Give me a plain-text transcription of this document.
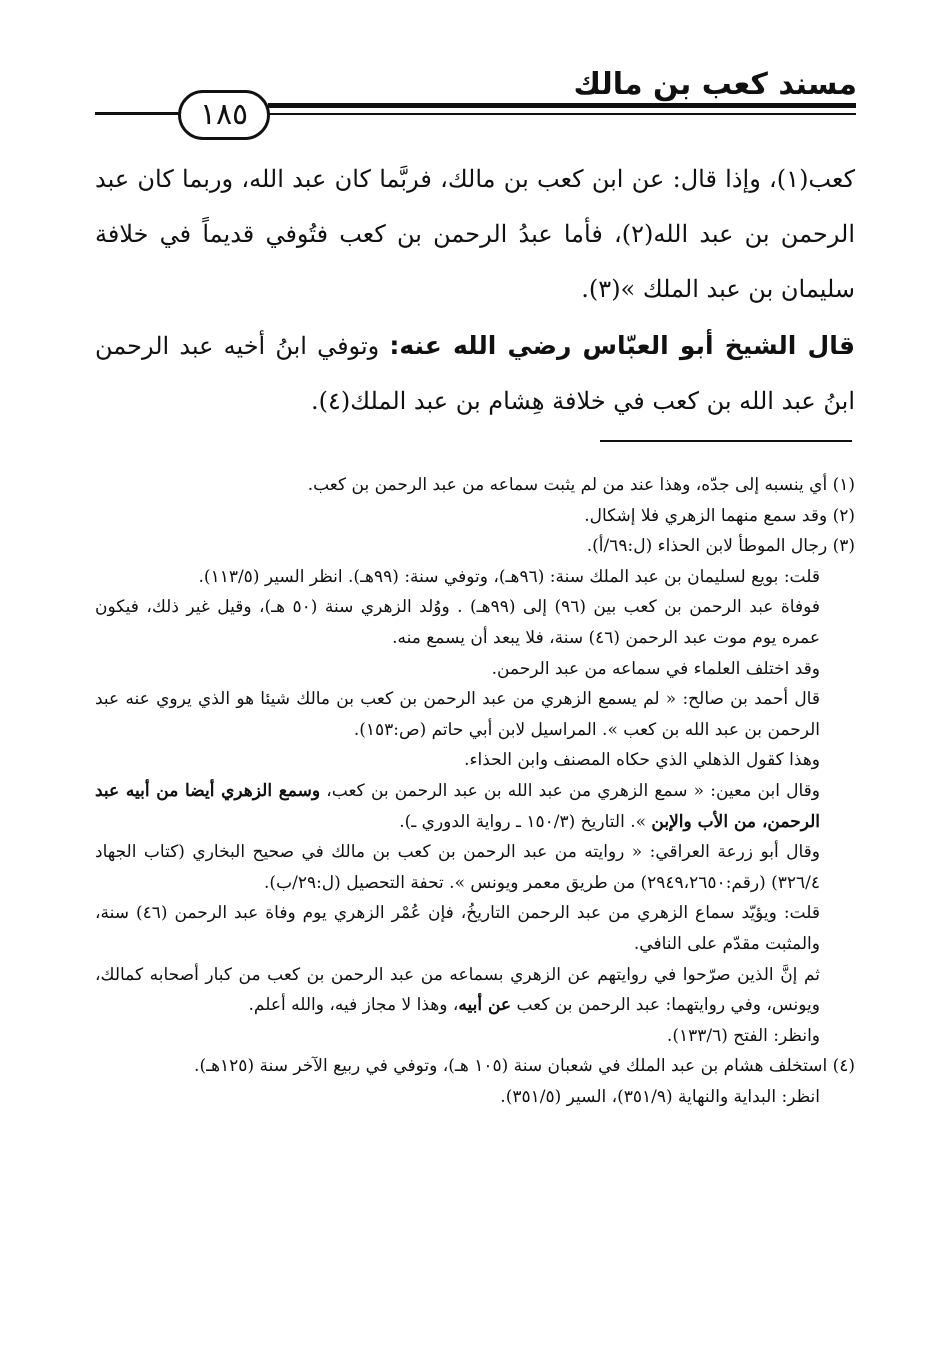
مسند كعب بن مالك
١٨٥

كعب(١)، وإذا قال: عن ابن كعب بن مالك، فربَّما كان عبد الله، وربما كان عبد الرحمن بن عبد الله(٢)، فأما عبدُ الرحمن بن كعب فتُوفي قديماً في خلافة سليمان بن عبد الملك »(٣).

قال الشيخ أبو العبّاس رضي الله عنه: وتوفي ابنُ أخيه عبد الرحمن ابنُ عبد الله بن كعب في خلافة هِشام بن عبد الملك(٤).

(١) أي ينسبه إلى جدّه، وهذا عند من لم يثبت سماعه من عبد الرحمن بن كعب.

(٢) وقد سمع منهما الزهري فلا إشكال.

(٣) رجال الموطأ لابن الحذاء (ل:٦٩/أ).

قلت: بويع لسليمان بن عبد الملك سنة: (٩٦هـ)، وتوفي سنة: (٩٩هـ). انظر السير (١١٣/٥).

فوفاة عبد الرحمن بن كعب بين (٩٦) إلى (٩٩هـ) . ووُلد الزهري سنة (٥٠ هـ)، وقيل غير ذلك، فيكون عمره يوم موت عبد الرحمن (٤٦) سنة، فلا يبعد أن يسمع منه.

وقد اختلف العلماء في سماعه من عبد الرحمن.

قال أحمد بن صالح: « لم يسمع الزهري من عبد الرحمن بن كعب بن مالك شيئا هو الذي يروي عنه عبد الرحمن بن عبد الله بن كعب ». المراسيل لابن أبي حاتم (ص:١٥٣).

وهذا كقول الذهلي الذي حكاه المصنف وابن الحذاء.

وقال ابن معين: « سمع الزهري من عبد الله بن عبد الرحمن بن كعب، وسمع الزهري أيضا من أبيه عبد الرحمن، من الأب والإبن ». التاريخ (١٥٠/٣ ـ رواية الدوري ـ).

وقال أبو زرعة العراقي: « روايته من عبد الرحمن بن كعب بن مالك في صحيح البخاري (كتاب الجهاد ٣٢٦/٤) (رقم:٢٩٤٩،٢٦٥٠) من طريق معمر ويونس ». تحفة التحصيل (ل:٢٩/ب).

قلت: ويؤيّد سماع الزهري من عبد الرحمن التاريخُ، فإن عُمْر الزهري يوم وفاة عبد الرحمن (٤٦) سنة، والمثبت مقدّم على النافي.

ثم إنَّ الذين صرّحوا في روايتهم عن الزهري بسماعه من عبد الرحمن بن كعب من كبار أصحابه كمالك، ويونس، وفي روايتهما: عبد الرحمن بن كعب عن أبيه، وهذا لا مجاز فيه، والله أعلم.

وانظر: الفتح (١٣٣/٦).

(٤) استخلف هشام بن عبد الملك في شعبان سنة (١٠٥ هـ)، وتوفي في ربيع الآخر سنة (١٢٥هـ).

انظر: البداية والنهاية (٣٥١/٩)، السير (٣٥١/٥).
